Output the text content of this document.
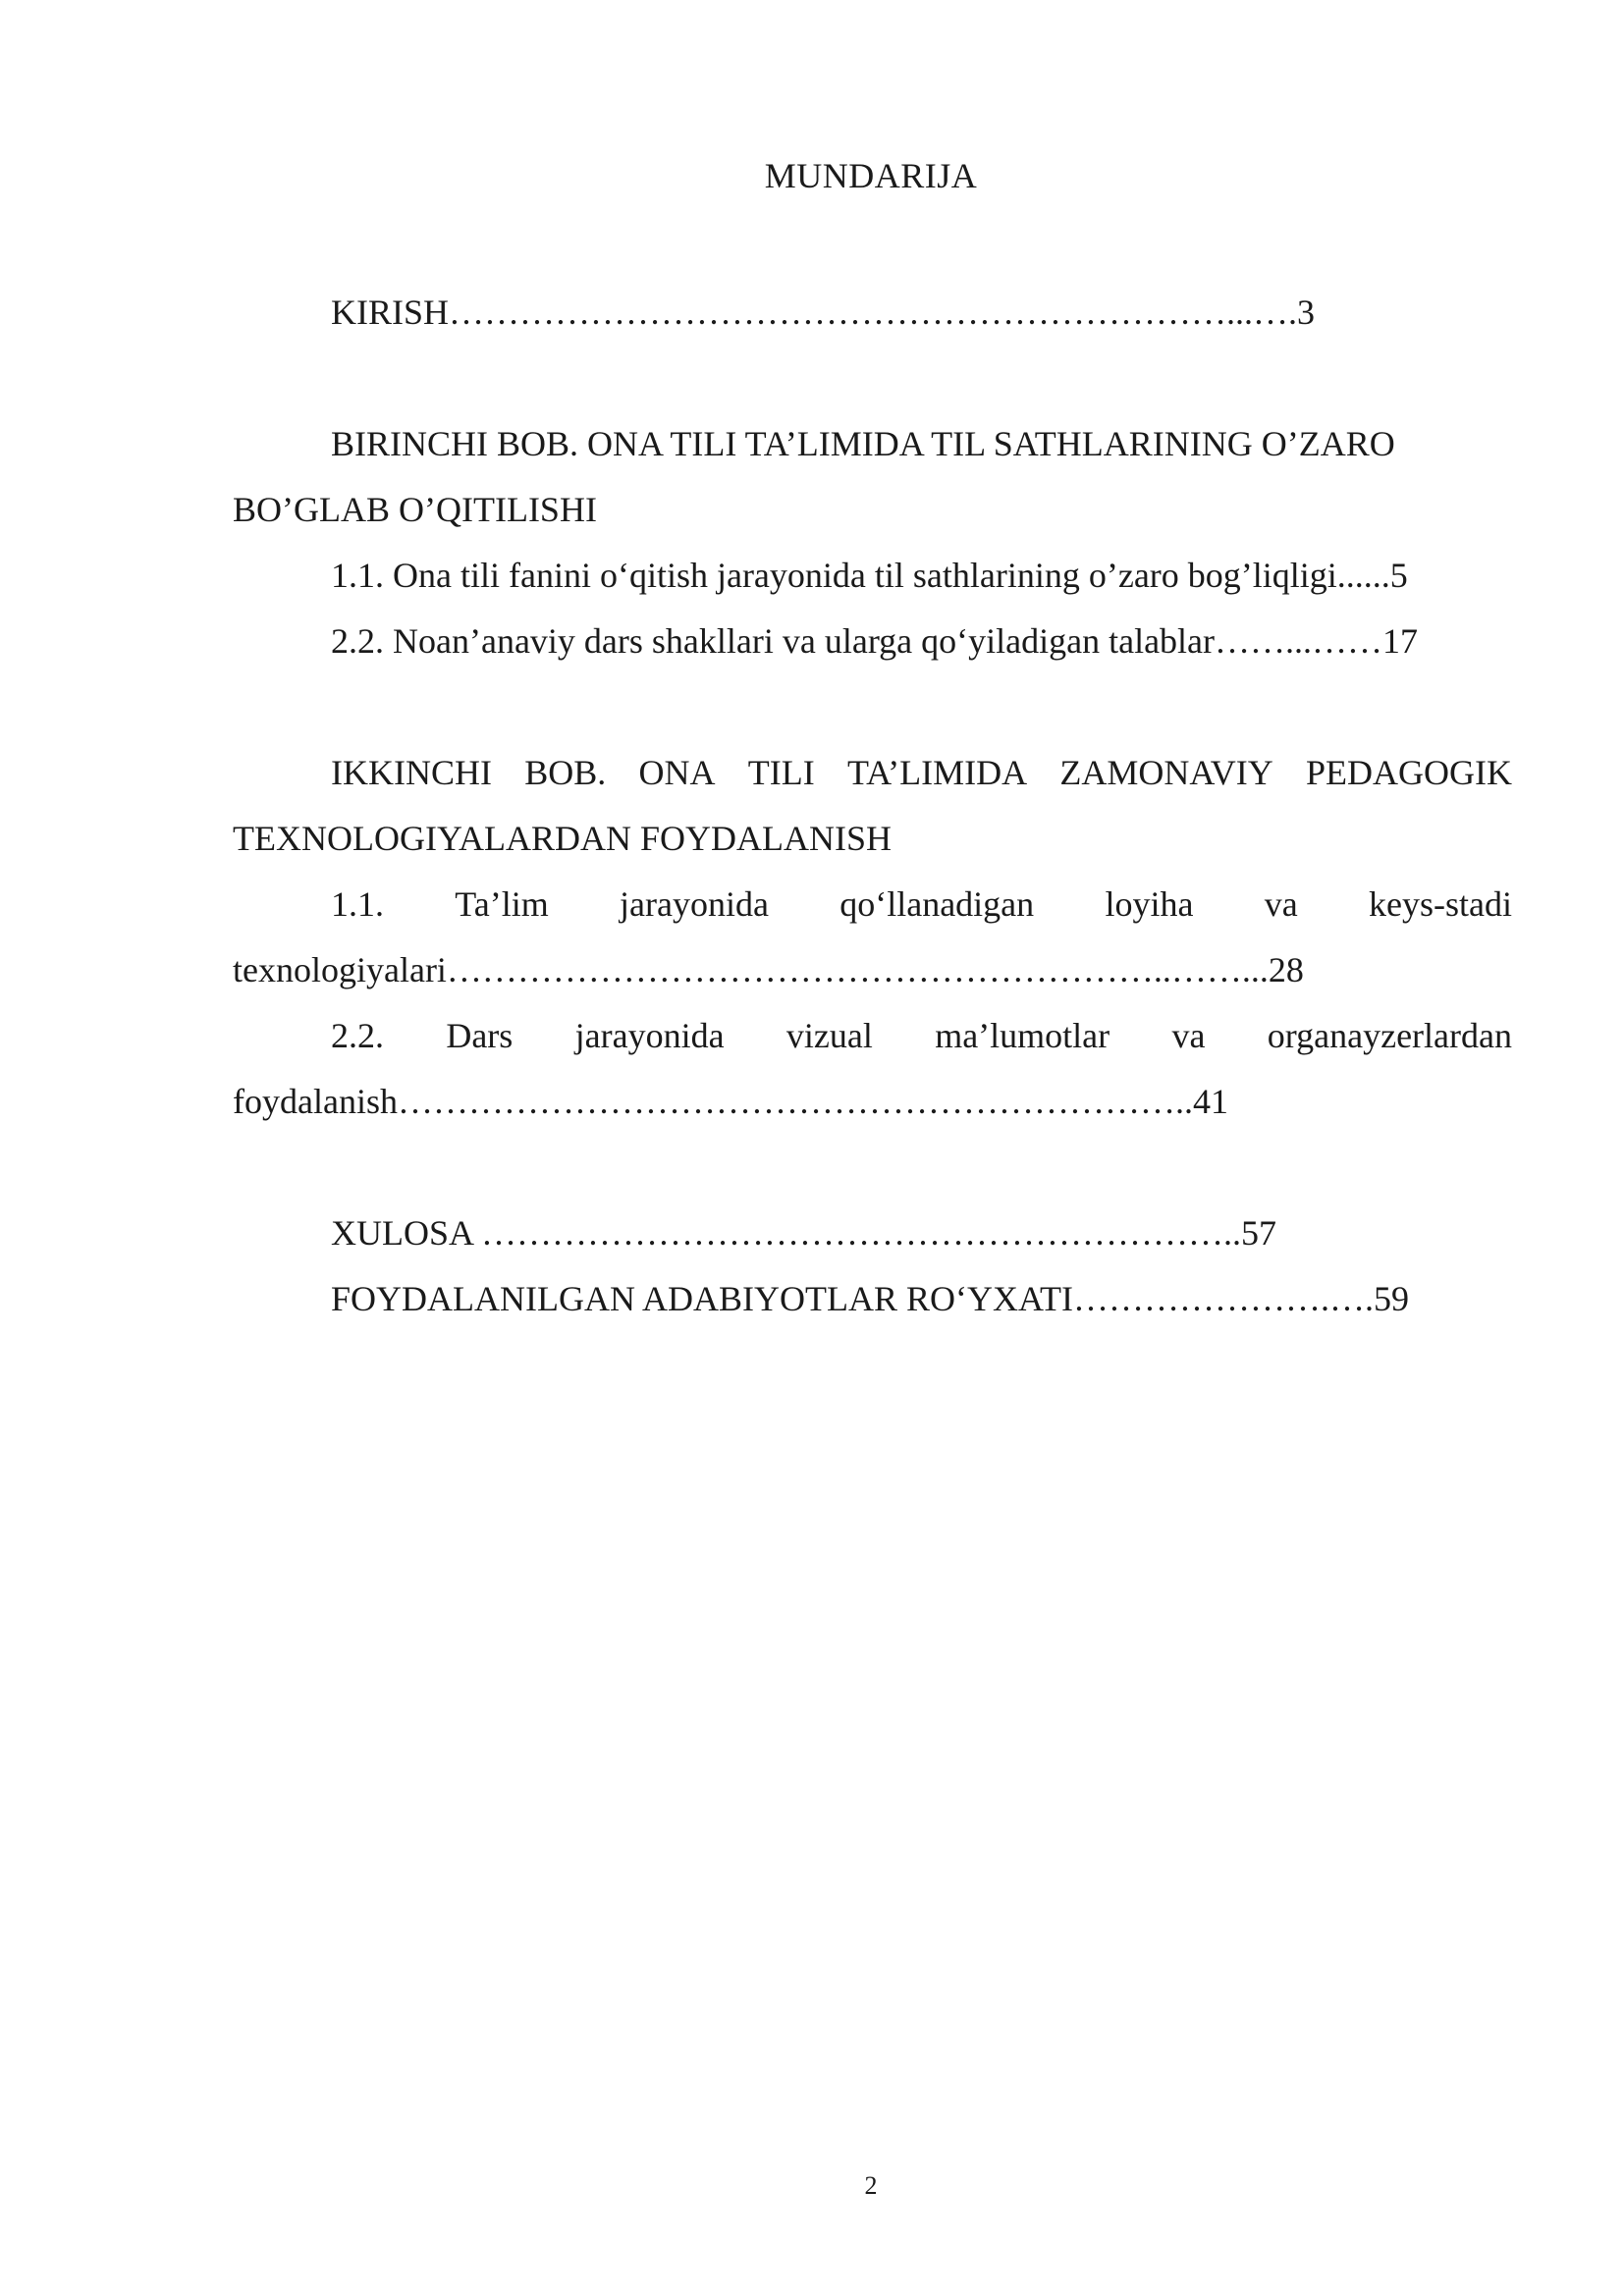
MUNDARIJA
KIRISH…………………………………………………………...….3
BIRINCHI BOB. ONA TILI TA’LIMIDA TIL SATHLARINING O’ZARO
BO’GLAB O’QITILISHI
1.1. Ona tili fanini o‘qitish jarayonida til sathlarining o’zaro bog’liqligi......5
2.2. Noan’anaviy dars shakllari va ularga qo‘yiladigan talablar……...……17
IKKINCHI BOB. ONA TILI TA’LIMIDA ZAMONAVIY PEDAGOGIK
TEXNOLOGIYALARDAN FOYDALANISH
1.1. Ta’lim jarayonida qo‘llanadigan loyiha va keys-stadi
texnologiyalari……………………………………………………..……...28
2.2. Dars jarayonida vizual ma’lumotlar va organayzerlardan
foydalanish…………………………………………………………..41
XULOSA ………………………………………………………..57
FOYDALANILGAN ADABIYOTLAR RO‘YXATI………………….….59
2
